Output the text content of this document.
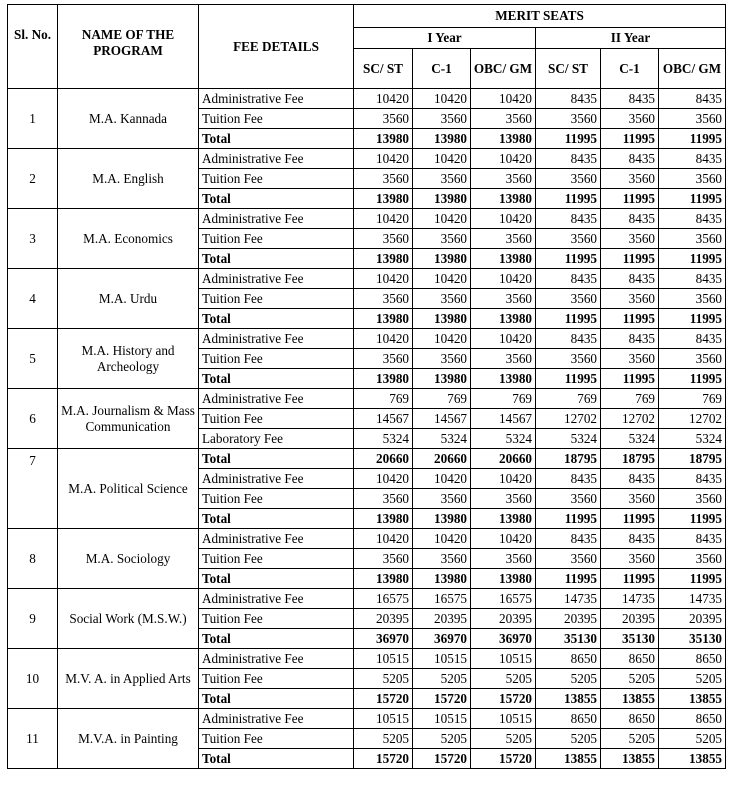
Sl. No.	NAME OF THE PROGRAM	FEE DETAILS	MERIT SEATS					
			I Year			II Year		
			SC/ ST	C-1	OBC/ GM	SC/ ST	C-1	OBC/ GM
1	M.A. Kannada	Administrative Fee	10420	10420	10420	8435	8435	8435
		Tuition Fee	3560	3560	3560	3560	3560	3560
		Total	13980	13980	13980	11995	11995	11995
2	M.A. English	Administrative Fee	10420	10420	10420	8435	8435	8435
		Tuition Fee	3560	3560	3560	3560	3560	3560
		Total	13980	13980	13980	11995	11995	11995
3	M.A. Economics	Administrative Fee	10420	10420	10420	8435	8435	8435
		Tuition Fee	3560	3560	3560	3560	3560	3560
		Total	13980	13980	13980	11995	11995	11995
4	M.A. Urdu	Administrative Fee	10420	10420	10420	8435	8435	8435
		Tuition Fee	3560	3560	3560	3560	3560	3560
		Total	13980	13980	13980	11995	11995	11995
5	M.A. History and Archeology	Administrative Fee	10420	10420	10420	8435	8435	8435
		Tuition Fee	3560	3560	3560	3560	3560	3560
		Total	13980	13980	13980	11995	11995	11995
6	M.A. Journalism & Mass Communication	Administrative Fee	769	769	769	769	769	769
		Tuition Fee	14567	14567	14567	12702	12702	12702
		Laboratory Fee	5324	5324	5324	5324	5324	5324
7	M.A. Political Science	Total	20660	20660	20660	18795	18795	18795
		Administrative Fee	10420	10420	10420	8435	8435	8435
		Tuition Fee	3560	3560	3560	3560	3560	3560
		Total	13980	13980	13980	11995	11995	11995
8	M.A. Sociology	Administrative Fee	10420	10420	10420	8435	8435	8435
		Tuition Fee	3560	3560	3560	3560	3560	3560
		Total	13980	13980	13980	11995	11995	11995
9	Social Work (M.S.W.)	Administrative Fee	16575	16575	16575	14735	14735	14735
		Tuition Fee	20395	20395	20395	20395	20395	20395
		Total	36970	36970	36970	35130	35130	35130
10	M.V. A. in Applied Arts	Administrative Fee	10515	10515	10515	8650	8650	8650
		Tuition Fee	5205	5205	5205	5205	5205	5205
		Total	15720	15720	15720	13855	13855	13855
11	M.V.A. in Painting	Administrative Fee	10515	10515	10515	8650	8650	8650
		Tuition Fee	5205	5205	5205	5205	5205	5205
		Total	15720	15720	15720	13855	13855	13855
